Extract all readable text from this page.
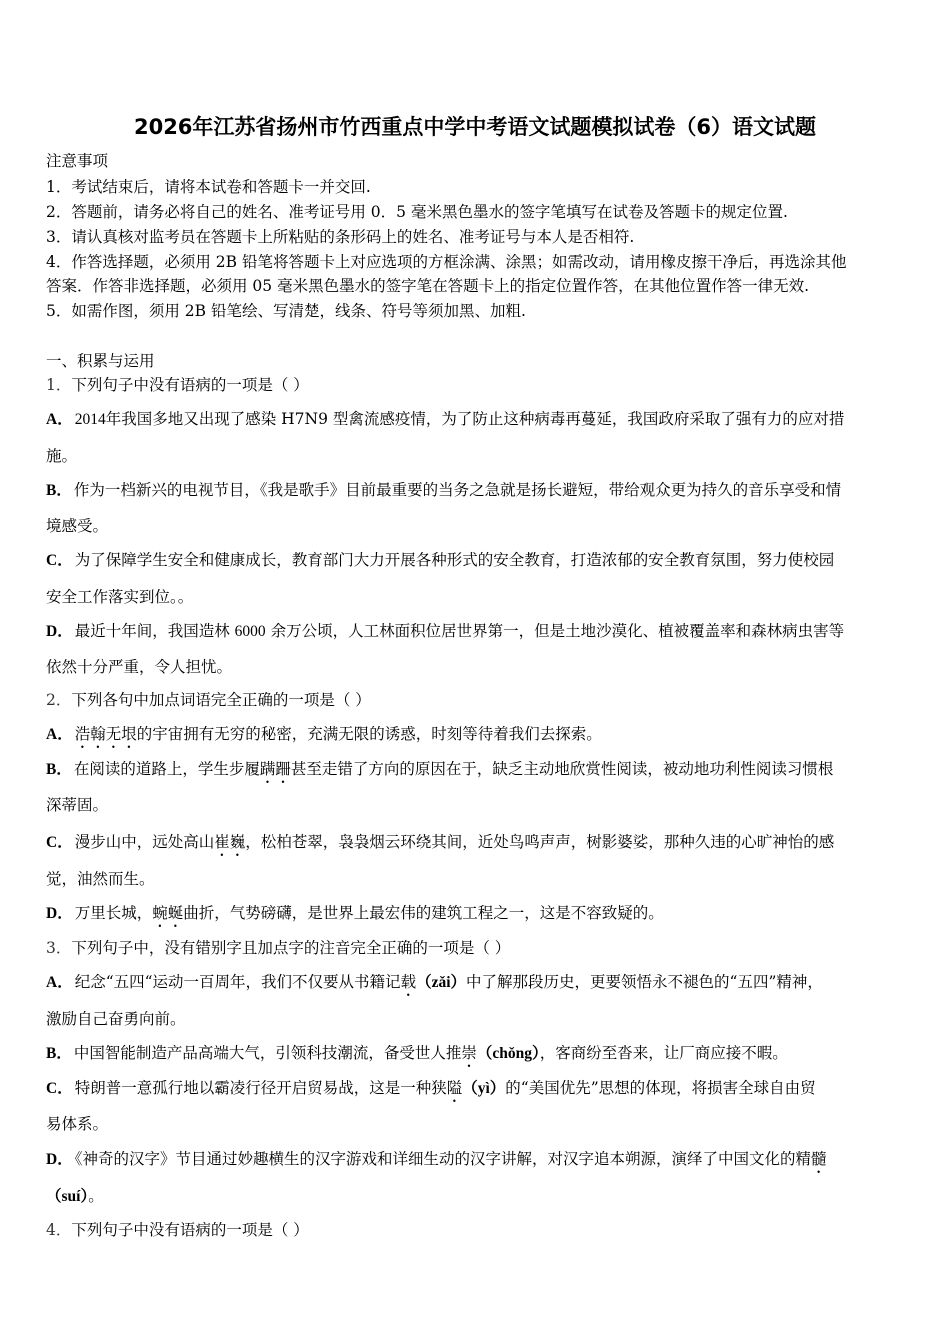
2026年江苏省扬州市竹西重点中学中考语文试题模拟试卷（6）语文试题
注意事项
1．考试结束后，请将本试卷和答题卡一并交回.
2．答题前，请务必将自己的姓名、准考证号用 0．5 毫米黑色墨水的签字笔填写在试卷及答题卡的规定位置.
3．请认真核对监考员在答题卡上所粘贴的条形码上的姓名、准考证号与本人是否相符.
4．作答选择题，必须用 2B 铅笔将答题卡上对应选项的方框涂满、涂黑；如需改动，请用橡皮擦干净后，再选涂其他
答案．作答非选择题，必须用 05 毫米黑色墨水的签字笔在答题卡上的指定位置作答，在其他位置作答一律无效.
5．如需作图，须用 2B 铅笔绘、写清楚，线条、符号等须加黑、加粗.
一、积累与运用
1．下列句子中没有语病的一项是（ ）
A． 2014年我国多地又出现了感染 H7N9 型禽流感疫情，为了防止这种病毒再蔓延，我国政府采取了强有力的应对措
施。
B． 作为一档新兴的电视节目，《我是歌手》目前最重要的当务之急就是扬长避短，带给观众更为持久的音乐享受和情
境感受。
C． 为了保障学生安全和健康成长，教育部门大力开展各种形式的安全教育，打造浓郁的安全教育氛围，努力使校园
安全工作落实到位。。
D． 最近十年间，我国造林 6000 余万公顷，人工林面积位居世界第一，但是土地沙漠化、植被覆盖率和森林病虫害等
依然十分严重，令人担忧。
2．下列各句中加点词语完全正确的一项是（ ）
A． 浩翰无垠的宇宙拥有无穷的秘密，充满无限的诱惑，时刻等待着我们去探索。
B． 在阅读的道路上，学生步履蹒跚甚至走错了方向的原因在于，缺乏主动地欣赏性阅读，被动地功利性阅读习惯根
深蒂固。
C． 漫步山中，远处高山崔巍，松柏苍翠，袅袅烟云环绕其间，近处鸟鸣声声，树影婆娑，那种久违的心旷神怡的感
觉，油然而生。
D． 万里长城，蜿蜒曲折，气势磅礴，是世界上最宏伟的建筑工程之一，这是不容致疑的。
3．下列句子中，没有错别字且加点字的注音完全正确的一项是（ ）
A． 纪念“五四“运动一百周年，我们不仅要从书籍记载（zǎi）中了解那段历史，更要领悟永不褪色的“五四”精神，
激励自己奋勇向前。
B． 中国智能制造产品高端大气，引领科技潮流，备受世人推崇（chǒng），客商纷至沓来，让厂商应接不暇。
C． 特朗普一意孤行地以霸凌行径开启贸易战，这是一种狭隘（yì）的“美国优先”思想的体现，将损害全球自由贸
易体系。
D． 《神奇的汉字》节目通过妙趣横生的汉字游戏和详细生动的汉字讲解，对汉字追本朔源，演绎了中国文化的精髓
（suí）。
4．下列句子中没有语病的一项是（ ）
